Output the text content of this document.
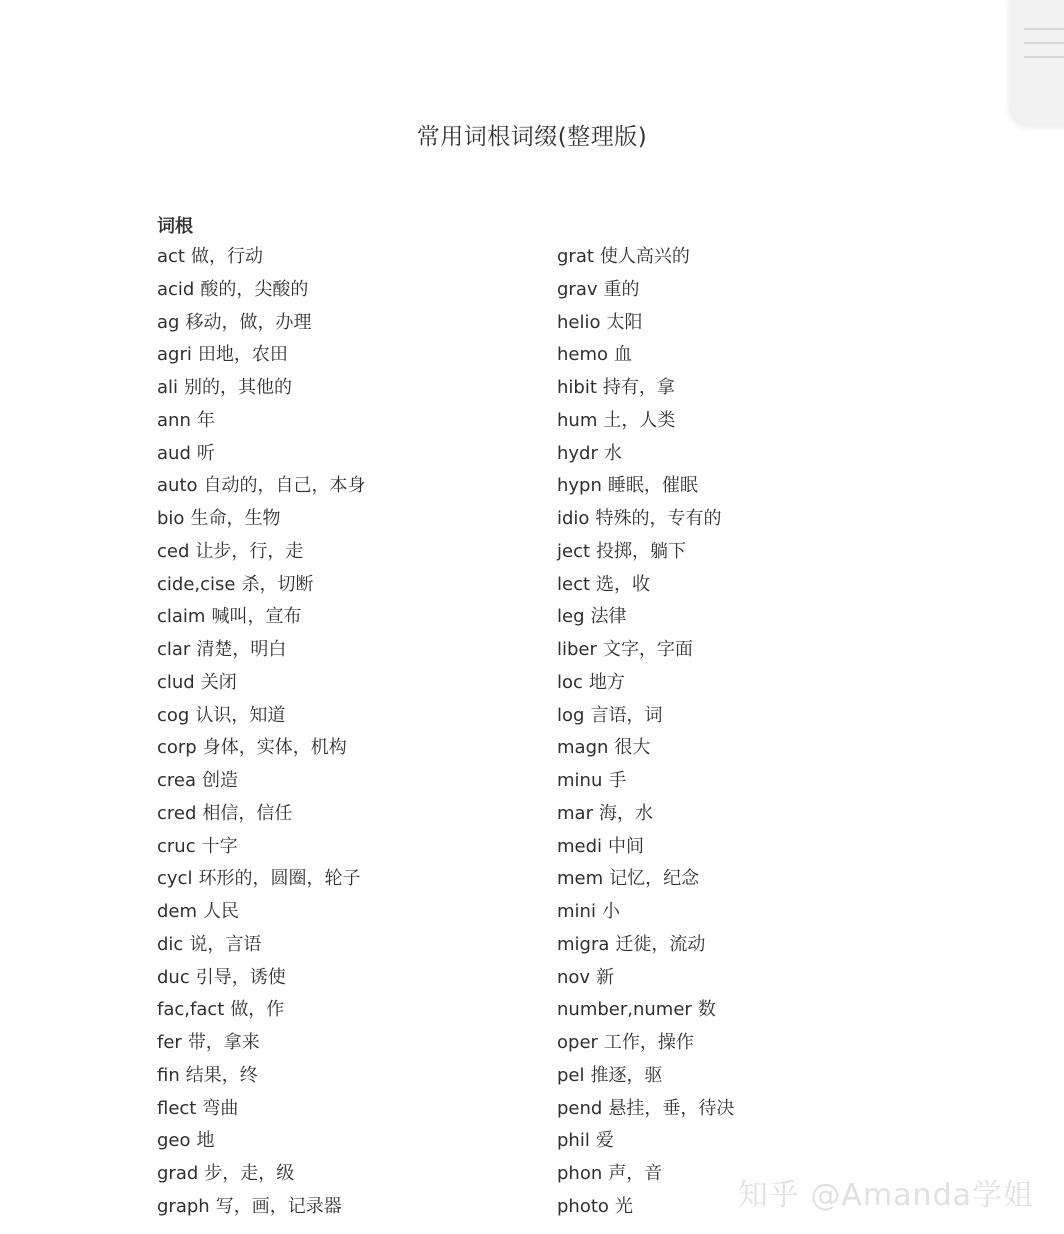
常用词根词缀(整理版)
词根
act 做，行动
acid 酸的，尖酸的
ag 移动，做，办理
agri 田地，农田
ali 别的，其他的
ann 年
aud 听
auto 自动的，自己，本身
bio 生命，生物
ced 让步，行，走
cide,cise 杀，切断
claim 喊叫，宣布
clar 清楚，明白
clud 关闭
cog 认识，知道
corp 身体，实体，机构
crea 创造
cred 相信，信任
cruc 十字
cycl 环形的，圆圈，轮子
dem 人民
dic 说，言语
duc 引导，诱使
fac,fact 做，作
fer 带，拿来
fin 结果，终
flect 弯曲
geo 地
grad 步，走，级
graph 写，画，记录器
grat 使人高兴的
grav 重的
helio 太阳
hemo 血
hibit 持有，拿
hum 土，人类
hydr 水
hypn 睡眠，催眠
idio 特殊的，专有的
ject 投掷，躺下
lect 选，收
leg 法律
liber 文字，字面
loc 地方
log 言语，词
magn 很大
minu 手
mar 海，水
medi 中间
mem 记忆，纪念
mini 小
migra 迁徙，流动
nov 新
number,numer 数
oper 工作，操作
pel 推逐，驱
pend 悬挂，垂，待决
phil 爱
phon 声，音
photo 光	知乎 @Amanda学姐
